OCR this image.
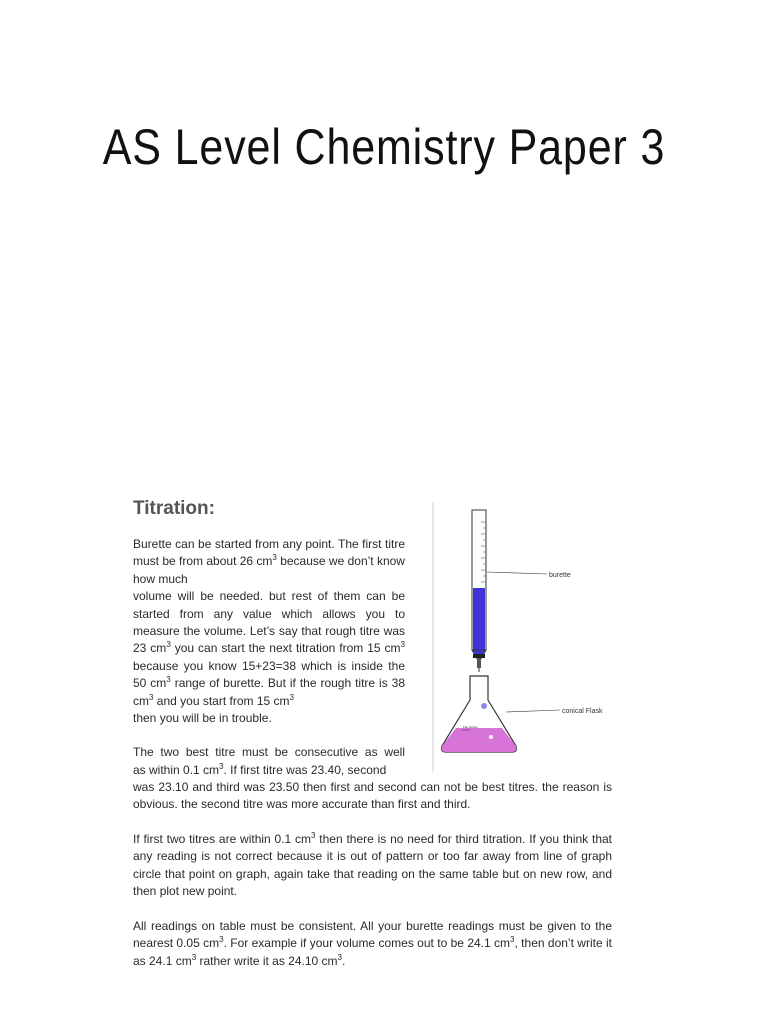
AS Level Chemistry Paper 3
Titration:

Burette can be started from any point. The first titre must be from about 26 $cm^3$ because we don’t know how much
volume will be needed. but rest of them can be started from any value which allows you to measure the volume. Let’s say that rough titre was 23 $cm^3$ you can start the next titration from 15 $cm^3$ because you know 15+23=38 which is inside the 50 $cm^3$ range of burette. But if the rough titre is 38 $cm^3$ and you start from 15 $cm^3$
then you will be in trouble.

The two best titre must be consecutive as well

as within 0.1 $cm^3$. If first titre was 23.40, second

was 23.10 and third was 23.50 then first and second can not be best titres. the reason is obvious. the second titre was more accurate than first and third.

If first two titres are within 0.1 $cm^3$ then there is no need for third titration. If you think that any reading is not correct because it is out of pattern or too far away from line of graph circle that point on graph, again take that reading on the same table but on new row, and then plot new point.

All readings on table must be consistent. All your burette readings must be given to the nearest 0.05 $cm^3$. For example if your volume comes out to be 24.1 $cm^3$, then don’t write it as 24.1 $cm^3$ rather write it as 24.10 $cm^3$.

burette
Fiat bottom
conical Flask
